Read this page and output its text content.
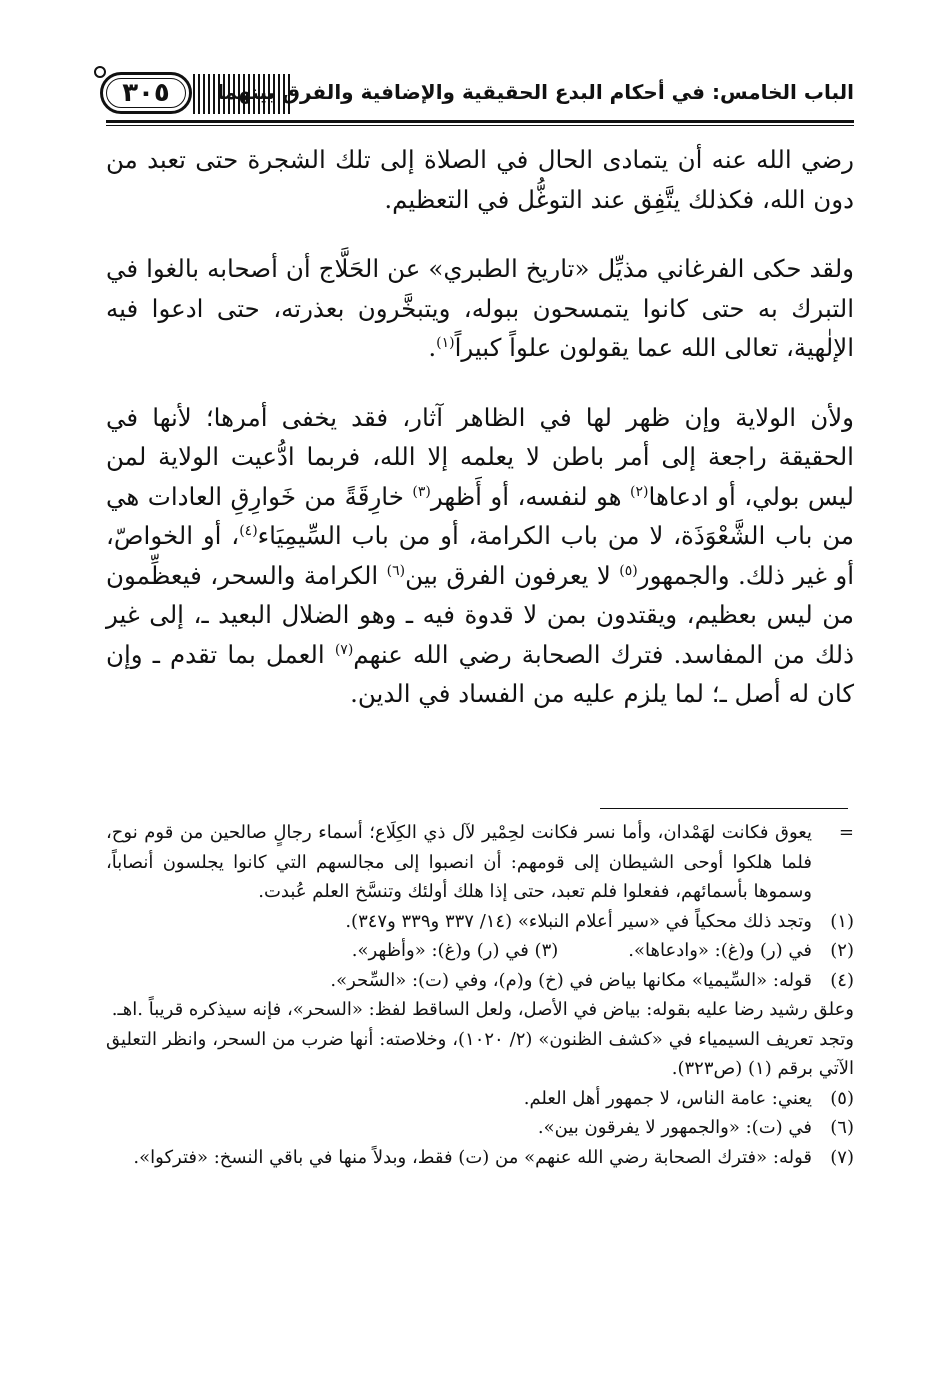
٣٠٥ الباب الخامس: في أحكام البدع الحقيقية والإضافية والفرق بينهما

رضي الله عنه أن يتمادى الحال في الصلاة إلى تلك الشجرة حتى تعبد من دون الله، فكذلك يتَّفِق عند التوغُّل في التعظيم.

ولقد حكى الفرغاني مذيِّل «تاريخ الطبري» عن الحَلَّاج أن أصحابه بالغوا في التبرك به حتى كانوا يتمسحون ببوله، ويتبخَّرون بعذرته، حتى ادعوا فيه الإلٰهية، تعالى الله عما يقولون علواً كبيراً$^{(١)}$.

ولأن الولاية وإن ظهر لها في الظاهر آثار، فقد يخفى أمرها؛ لأنها في الحقيقة راجعة إلى أمر باطن لا يعلمه إلا الله، فربما ادُّعيت الولاية لمن ليس بولي، أو ادعاها$^{(٢)}$ هو لنفسه، أو أَظهر$^{(٣)}$ خارِقَةً من خَوارِقِ العادات هي من باب الشَّعْوَذَة، لا من باب الكرامة، أو من باب السِّيمِيَاء$^{(٤)}$، أو الخواصّ، أو غير ذلك. والجمهور$^{(٥)}$ لا يعرفون الفرق بين$^{(٦)}$ الكرامة والسحر، فيعظِّمون من ليس بعظيم، ويقتدون بمن لا قدوة فيه ـ وهو الضلال البعيد ـ، إلى غير ذلك من المفاسد. فترك الصحابة رضي الله عنهم$^{(٧)}$ العمل بما تقدم ـ وإن كان له أصل ـ؛ لما يلزم عليه من الفساد في الدين.

=
يعوق فكانت لهَمْدان، وأما نسر فكانت لحِمْير لآل ذي الكِلَاع؛ أسماء رجالٍ صالحين من قوم نوح، فلما هلكوا أوحى الشيطان إلى قومهم: أن انصبوا إلى مجالسهم التي كانوا يجلسون أنصاباً، وسموها بأسمائهم، ففعلوا فلم تعبد، حتى إذا هلك أولئك وتنسَّخ العلم عُبدت.
(١)
وتجد ذلك محكياً في «سير أعلام النبلاء» (١٤/ ٣٣٧ و٣٣٩ و٣٤٧).
(٢)
في (ر) و(غ): «وادعاها».
(٣) في (ر) و(غ): «وأظهر».
(٤)
قوله: «السِّيميا» مكانها بياض في (خ) و(م)، وفي (ت): «السِّحر».
وعلق رشيد رضا عليه بقوله: بياض في الأصل، ولعل الساقط لفظ: «السحر»، فإنه سيذكره قريباً .اهـ.
وتجد تعريف السيمياء في «كشف الظنون» (٢/ ١٠٢٠)، وخلاصته: أنها ضرب من السحر، وانظر التعليق الآتي برقم (١) (ص٣٢٣).
(٥)
يعني: عامة الناس، لا جمهور أهل العلم.
(٦)
في (ت): «والجمهور لا يفرقون بين».
(٧)
قوله: «فترك الصحابة رضي الله عنهم» من (ت) فقط، وبدلاً منها في باقي النسخ: «فتركوا».
